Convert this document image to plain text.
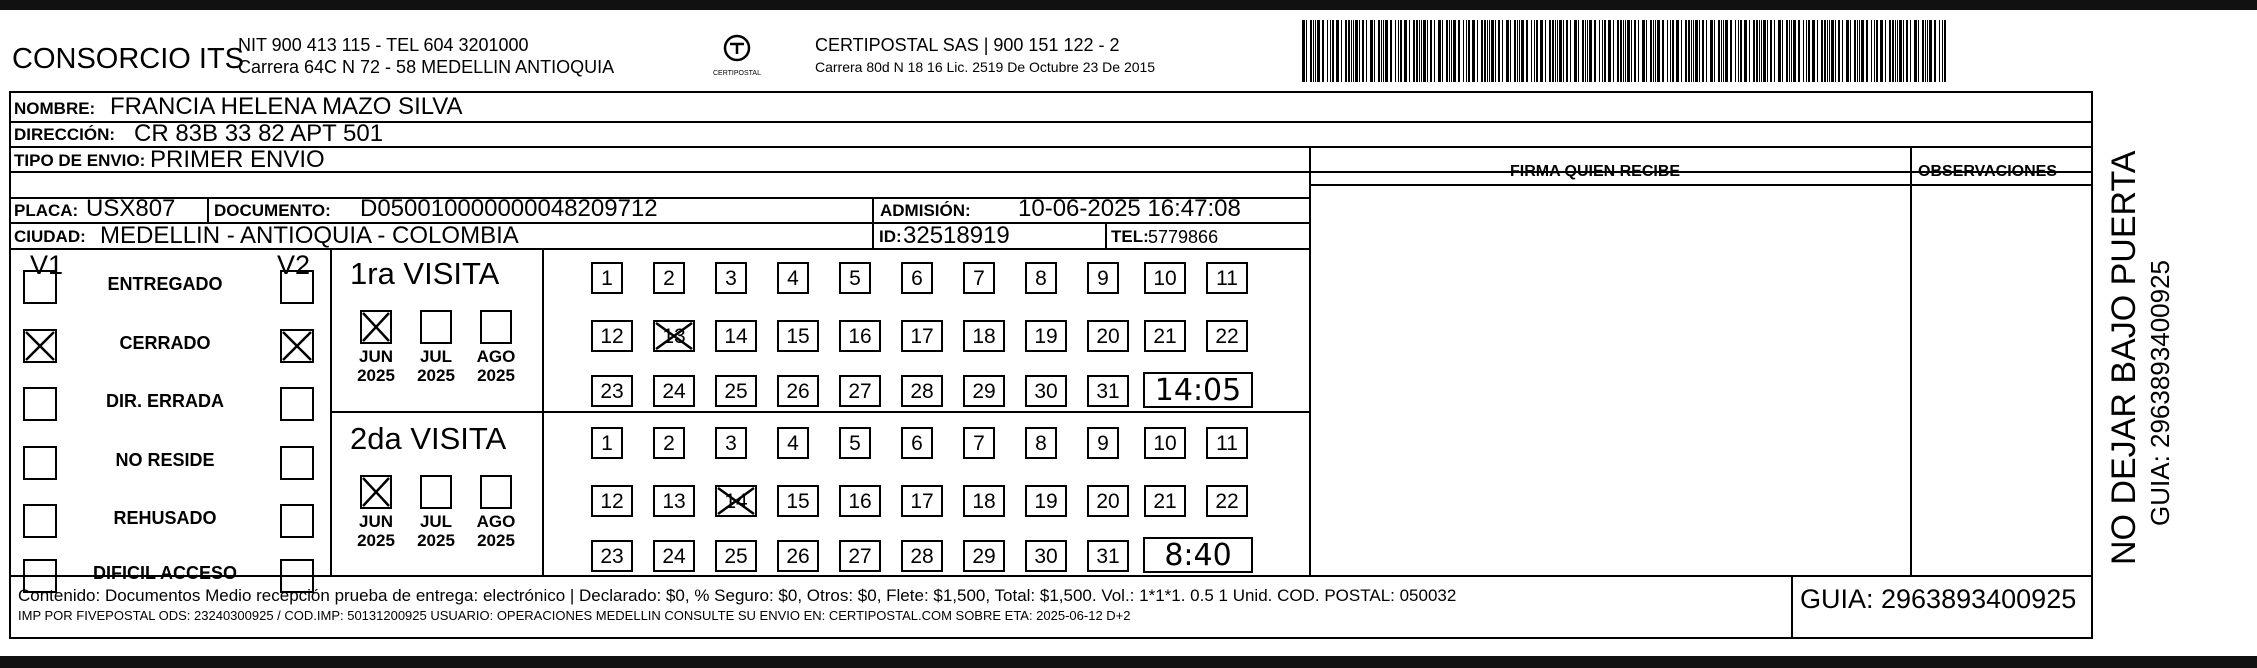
CONSORCIO ITS
NIT 900 413 115 - TEL 604 3201000
Carrera 64C N 72 - 58 MEDELLIN ANTIOQUIA	CERTIPOSTAL
CERTIPOSTAL SAS | 900 151 122 - 2
Carrera 80d N 18 16 Lic. 2519 De Octubre 23 De 2015
NOMBRE: FRANCIA HELENA MAZO SILVA
DIRECCIÓN: CR 83B 33 82 APT 501
TIPO DE ENVIO: PRIMER ENVIO
PLACA: USX807 DOCUMENTO: D050010000000048209712	ADMISIÓN: 10-06-2025 16:47:08
CIUDAD: MEDELLIN - ANTIOQUIA - COLOMBIA	ID: 32518919	TEL: 5779866
FIRMA QUIEN RECIBE	OBSERVACIONES
V1	V2
ENTREGADO
CERRADO
DIR. ERRADA
NO RESIDE
REHUSADO
DIFICIL ACCESO
1ra VISITA
2da VISITA
JUN
2025
JUL
2025
AGO
2025
JUN
2025
JUL
2025
AGO
2025
1	2	3	4	5	6	7	8	9	10	11
12	13	14	15	16	17	18	19	20	21	22
23	24	25	26	27	28	29	30	31	14:05
1	2	3	4	5	6	7	8	9	10	11
12	13	14	15	16	17	18	19	20	21	22
23	24	25	26	27	28	29	30	31	8:40
Contenido: Documentos Medio recepción prueba de entrega: electrónico | Declarado: $0, % Seguro: $0, Otros: $0, Flete: $1,500, Total: $1,500. Vol.: 1*1*1. 0.5 1 Unid. COD. POSTAL: 050032
IMP POR FIVEPOSTAL ODS: 23240300925 / COD.IMP: 50131200925 USUARIO: OPERACIONES MEDELLIN CONSULTE SU ENVIO EN: CERTIPOSTAL.COM SOBRE ETA: 2025-06-12 D+2
GUIA: 2963893400925
NO DEJAR BAJO PUERTA GUIA: 2963893400925
